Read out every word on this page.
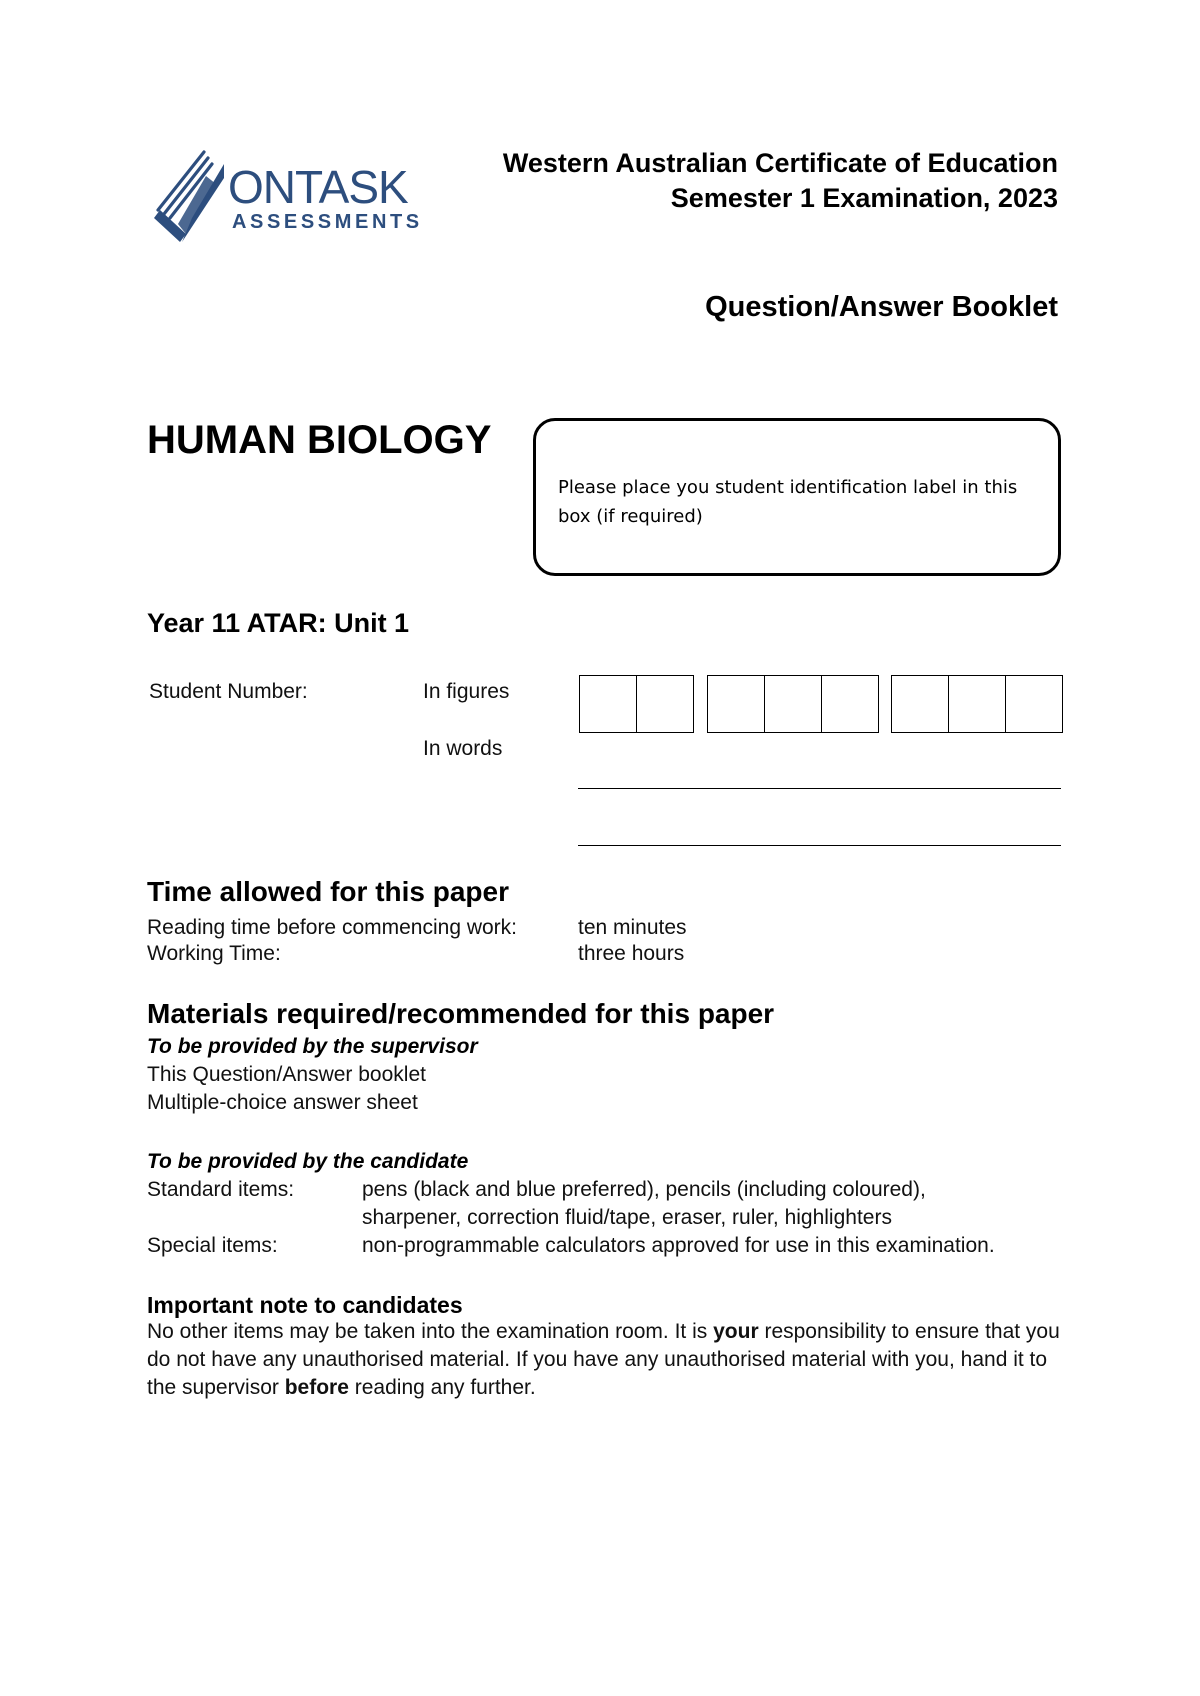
ONTASK
ASSESSMENTS
Western Australian Certificate of Education
Semester 1 Examination, 2023
Question/Answer Booklet
HUMAN BIOLOGY
Please place you student identification label in this box (if required)
Year 11 ATAR: Unit 1
Student Number:	In figures
In words
Time allowed for this paper
Reading time before commencing work:	ten minutes
Working Time:	three hours
Materials required/recommended for this paper
To be provided by the supervisor
This Question/Answer booklet
Multiple-choice answer sheet
To be provided by the candidate
Standard items:	pens (black and blue preferred), pencils (including coloured),
sharpener, correction fluid/tape, eraser, ruler, highlighters
Special items:	non-programmable calculators approved for use in this examination.
Important note to candidates
No other items may be taken into the examination room. It is your responsibility to ensure that you do not have any unauthorised material. If you have any unauthorised material with you, hand it to the supervisor before reading any further.
